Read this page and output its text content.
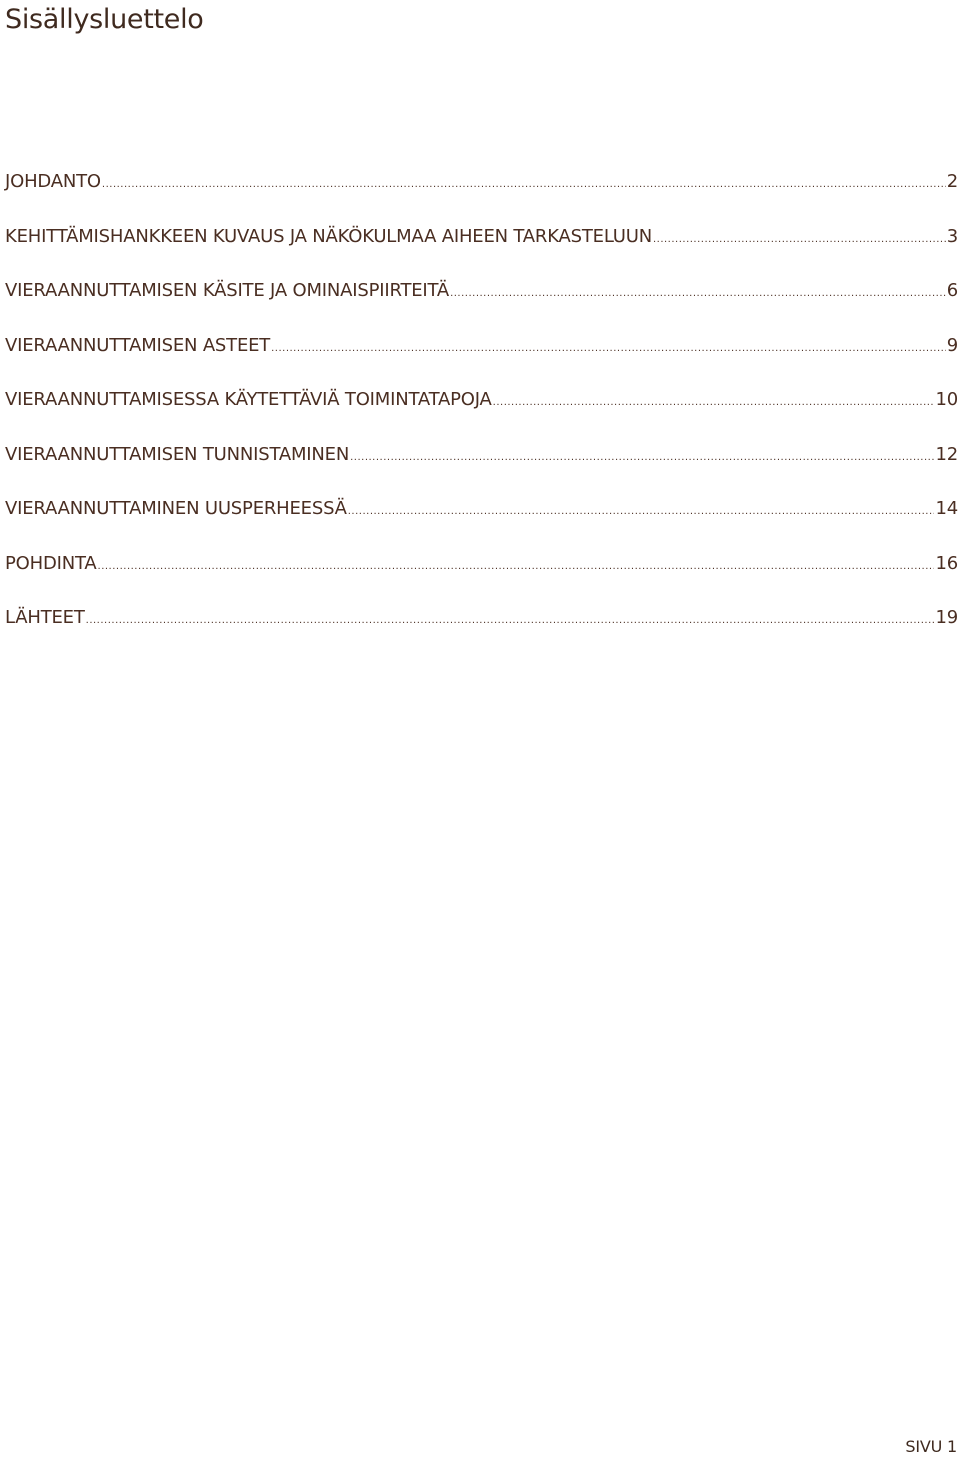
Sisällysluettelo
JOHDANTO .....	2
KEHITTÄMISHANKKEEN KUVAUS JA NÄKÖKULMAA AIHEEN TARKASTELUUN .....	3
VIERAANNUTTAMISEN KÄSITE JA OMINAISPIIRTEITÄ .....	6
VIERAANNUTTAMISEN ASTEET .....	9
VIERAANNUTTAMISESSA KÄYTETTÄVIÄ TOIMINTATAPOJA .....	10
VIERAANNUTTAMISEN TUNNISTAMINEN .....	12
VIERAANNUTTAMINEN UUSPERHEESSÄ .....	14
POHDINTA .....	16
LÄHTEET .....	19
SIVU 1
